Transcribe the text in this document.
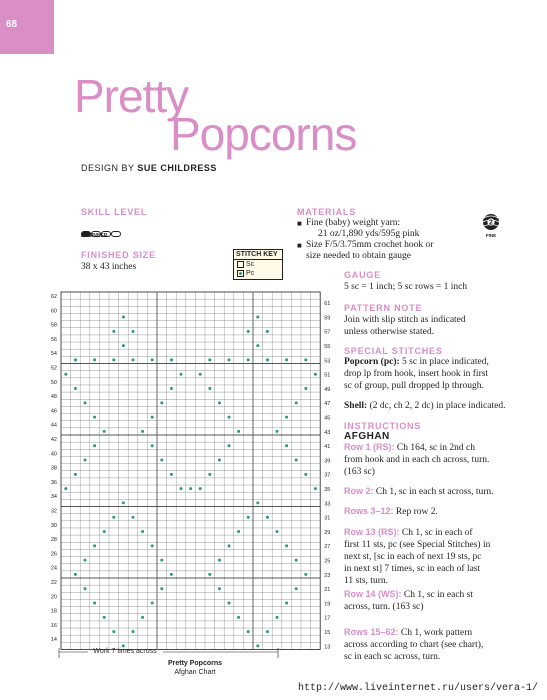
68
Pretty
Popcorns
DESIGN BY SUE CHILDRESS
SKILL LEVEL
BEGINNER
FINISHED SIZE
38 x 43 inches
STITCH KEY
Sc
Pc
MATERIALS
■ Fine (baby) weight yarn:
21 oz/1,890 yds/595g pink
■ Size F/5/3.75mm crochet hook or
size needed to obtain gauge
2
FINE
GAUGE
5 sc = 1 inch; 5 sc rows = 1 inch
PATTERN NOTE
Join with slip stitch as indicated
unless otherwise stated.
SPECIAL STITCHES
Popcorn (pc): 5 sc in place indicated,
drop lp from hook, insert hook in first
sc of group, pull dropped lp through.
Shell: (2 dc, ch 2, 2 dc) in place indicated.
INSTRUCTIONS
AFGHAN
Row 1 (RS): Ch 164, sc in 2nd ch
from hook and in each ch across, turn.
(163 sc)
Row 2: Ch 1, sc in each st across, turn.
Rows 3–12: Rep row 2.
Row 13 (RS): Ch 1, sc in each of
first 11 sts, pc (see Special Stitches) in
next st, [sc in each of next 19 sts, pc
in next st] 7 times, sc in each of last
11 sts, turn.
Row 14 (WS): Ch 1, sc in each st
across, turn. (163 sc)
Rows 15–62: Ch 1, work pattern
across according to chart (see chart),
sc in each sc across, turn.
62
60
58
56
54
52
50
48
46
44
42
40
38
36
34
32
30
28
26
24
22
20
18
16
14
61
59
57
55
53
51
49
47
45
43
41
39
37
35
33
31
29
27
25
23
21
19
17
15
13
Work 7 times across
Pretty Popcorns
Afghan Chart
http://www.liveinternet.ru/users/vera-1/
